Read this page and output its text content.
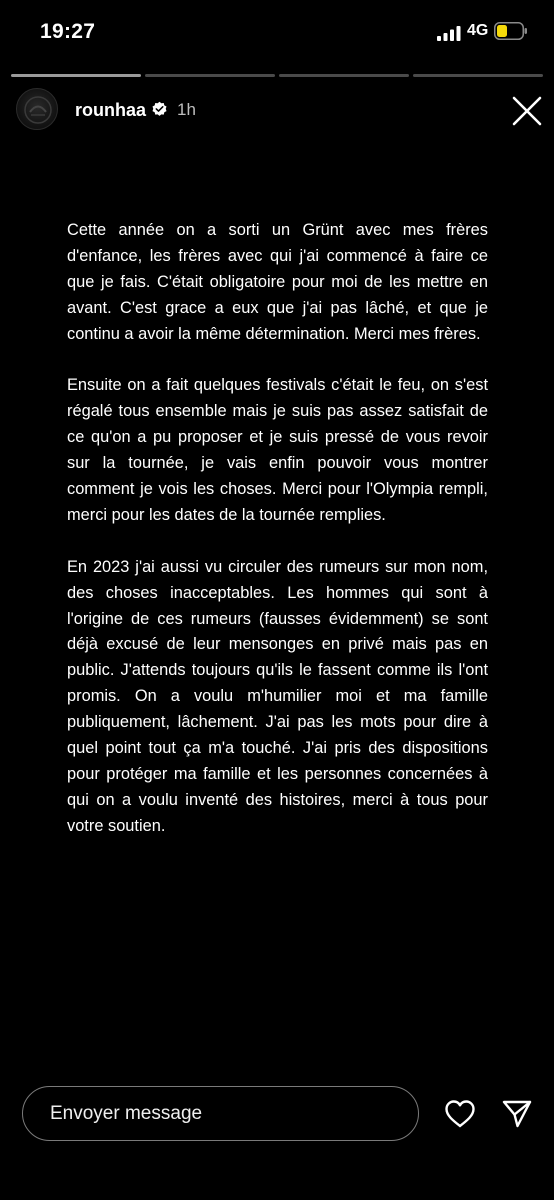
19:27	4G
rounhaa 1h

Cette année on a sorti un Grünt avec mes frères d'enfance, les frères avec qui j'ai commencé à faire ce que je fais. C'était obligatoire pour moi de les mettre en avant. C'est grace a eux que j'ai pas lâché, et que je continu a avoir la même détermination. Merci mes frères.

Ensuite on a fait quelques festivals c'était le feu, on s'est régalé tous ensemble mais je suis pas assez satisfait de ce qu'on a pu proposer et je suis pressé de vous revoir sur la tournée, je vais enfin pouvoir vous montrer comment je vois les choses. Merci pour l'Olympia rempli, merci pour les dates de la tournée remplies.

En 2023 j'ai aussi vu circuler des rumeurs sur mon nom, des choses inacceptables. Les hommes qui sont à l'origine de ces rumeurs (fausses évidemment) se sont déjà excusé de leur mensonges en privé mais pas en public. J'attends toujours qu'ils le fassent comme ils l'ont promis. On a voulu m'humilier moi et ma famille publiquement, lâchement. J'ai pas les mots pour dire à quel point tout ça m'a touché. J'ai pris des dispositions pour protéger ma famille et les personnes concernées à qui on a voulu inventé des histoires, merci à tous pour votre soutien.

Envoyer message
